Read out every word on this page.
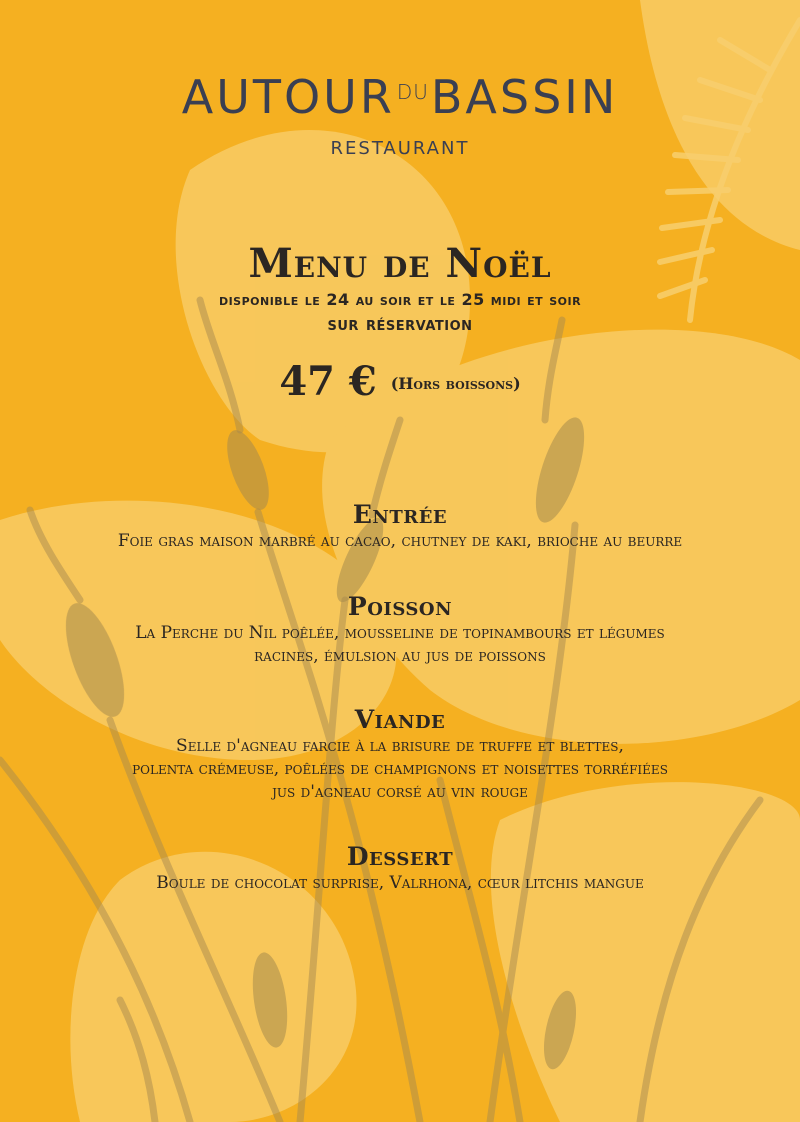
AUTOUR DUBASSIN
RESTAURANT
Menu de Noël
disponible le 24 au soir et le 25 midi et soir
sur réservation
47 € (Hors boissons)
Entrée
Foie gras maison marbré au cacao, chutney de kaki, brioche au beurre
Poisson
La Perche du Nil poêlée, mousseline de topinambours et légumes
racines, émulsion au jus de poissons
Viande
Selle d'agneau farcie à la brisure de truffe et blettes,
polenta crémeuse, poêlées de champignons et noisettes torréfiées
jus d'agneau corsé au vin rouge
Dessert
Boule de chocolat surprise, Valrhona, cœur litchis mangue
